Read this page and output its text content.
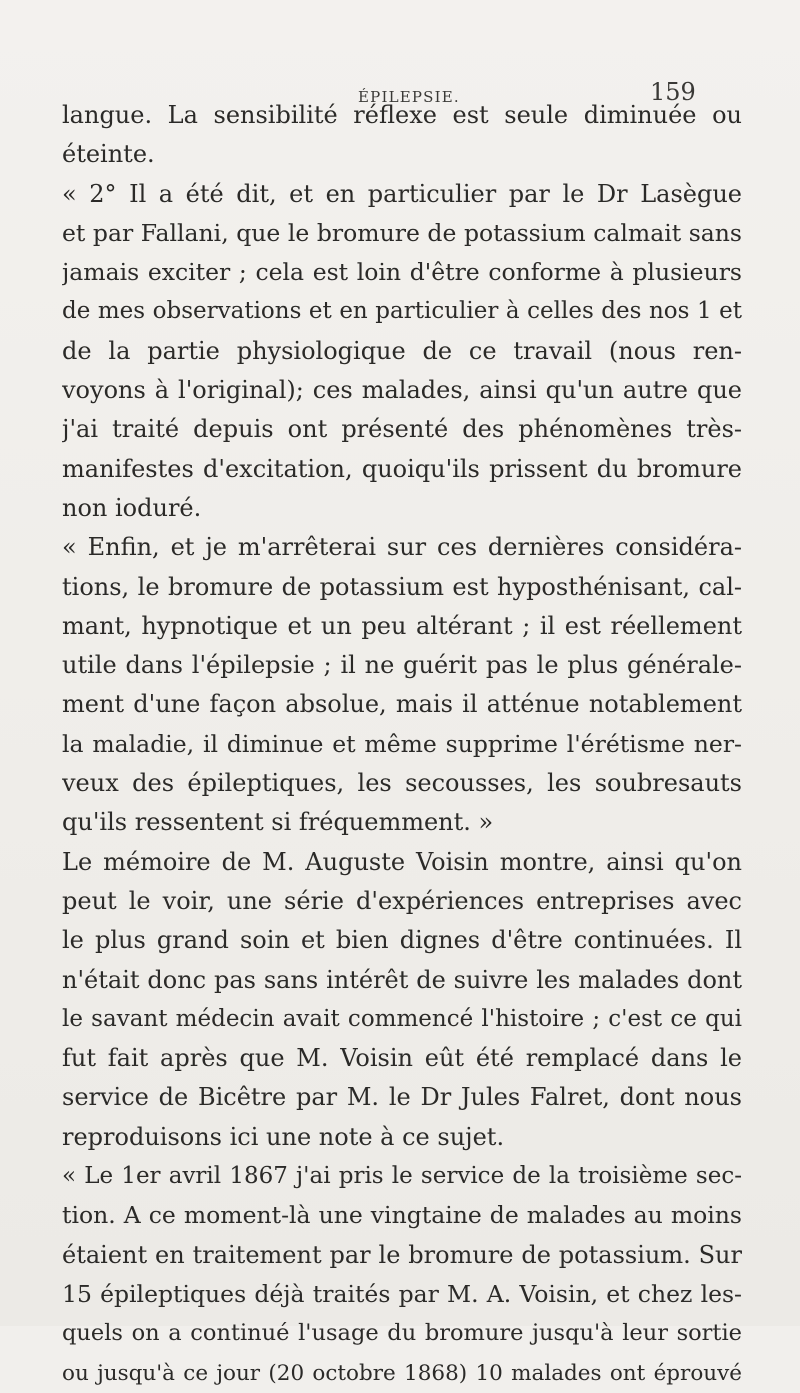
ÉPILEPSIE.	159
langue. La sensibilité réflexe est seule diminuée ou
éteinte.
« 2° Il a été dit, et en particulier par le Dr Lasègue
et par Fallani, que le bromure de potassium calmait sans
jamais exciter ; cela est loin d'être conforme à plusieurs
de mes observations et en particulier à celles des nos 1 et
de la partie physiologique de ce travail (nous ren-
voyons à l'original); ces malades, ainsi qu'un autre que
j'ai traité depuis ont présenté des phénomènes très-
manifestes d'excitation, quoiqu'ils prissent du bromure
non ioduré.
« Enfin, et je m'arrêterai sur ces dernières considéra-
tions, le bromure de potassium est hyposthénisant, cal-
mant, hypnotique et un peu altérant ; il est réellement
utile dans l'épilepsie ; il ne guérit pas le plus générale-
ment d'une façon absolue, mais il atténue notablement
la maladie, il diminue et même supprime l'érétisme ner-
veux des épileptiques, les secousses, les soubresauts
qu'ils ressentent si fréquemment. »
Le mémoire de M. Auguste Voisin montre, ainsi qu'on
peut le voir, une série d'expériences entreprises avec
le plus grand soin et bien dignes d'être continuées. Il
n'était donc pas sans intérêt de suivre les malades dont
le savant médecin avait commencé l'histoire ; c'est ce qui
fut fait après que M. Voisin eût été remplacé dans le
service de Bicêtre par M. le Dr Jules Falret, dont nous
reproduisons ici une note à ce sujet.
« Le 1er avril 1867 j'ai pris le service de la troisième sec-
tion. A ce moment-là une vingtaine de malades au moins
étaient en traitement par le bromure de potassium. Sur
15 épileptiques déjà traités par M. A. Voisin, et chez les-
quels on a continué l'usage du bromure jusqu'à leur sortie
ou jusqu'à ce jour (20 octobre 1868) 10 malades ont éprouvé
